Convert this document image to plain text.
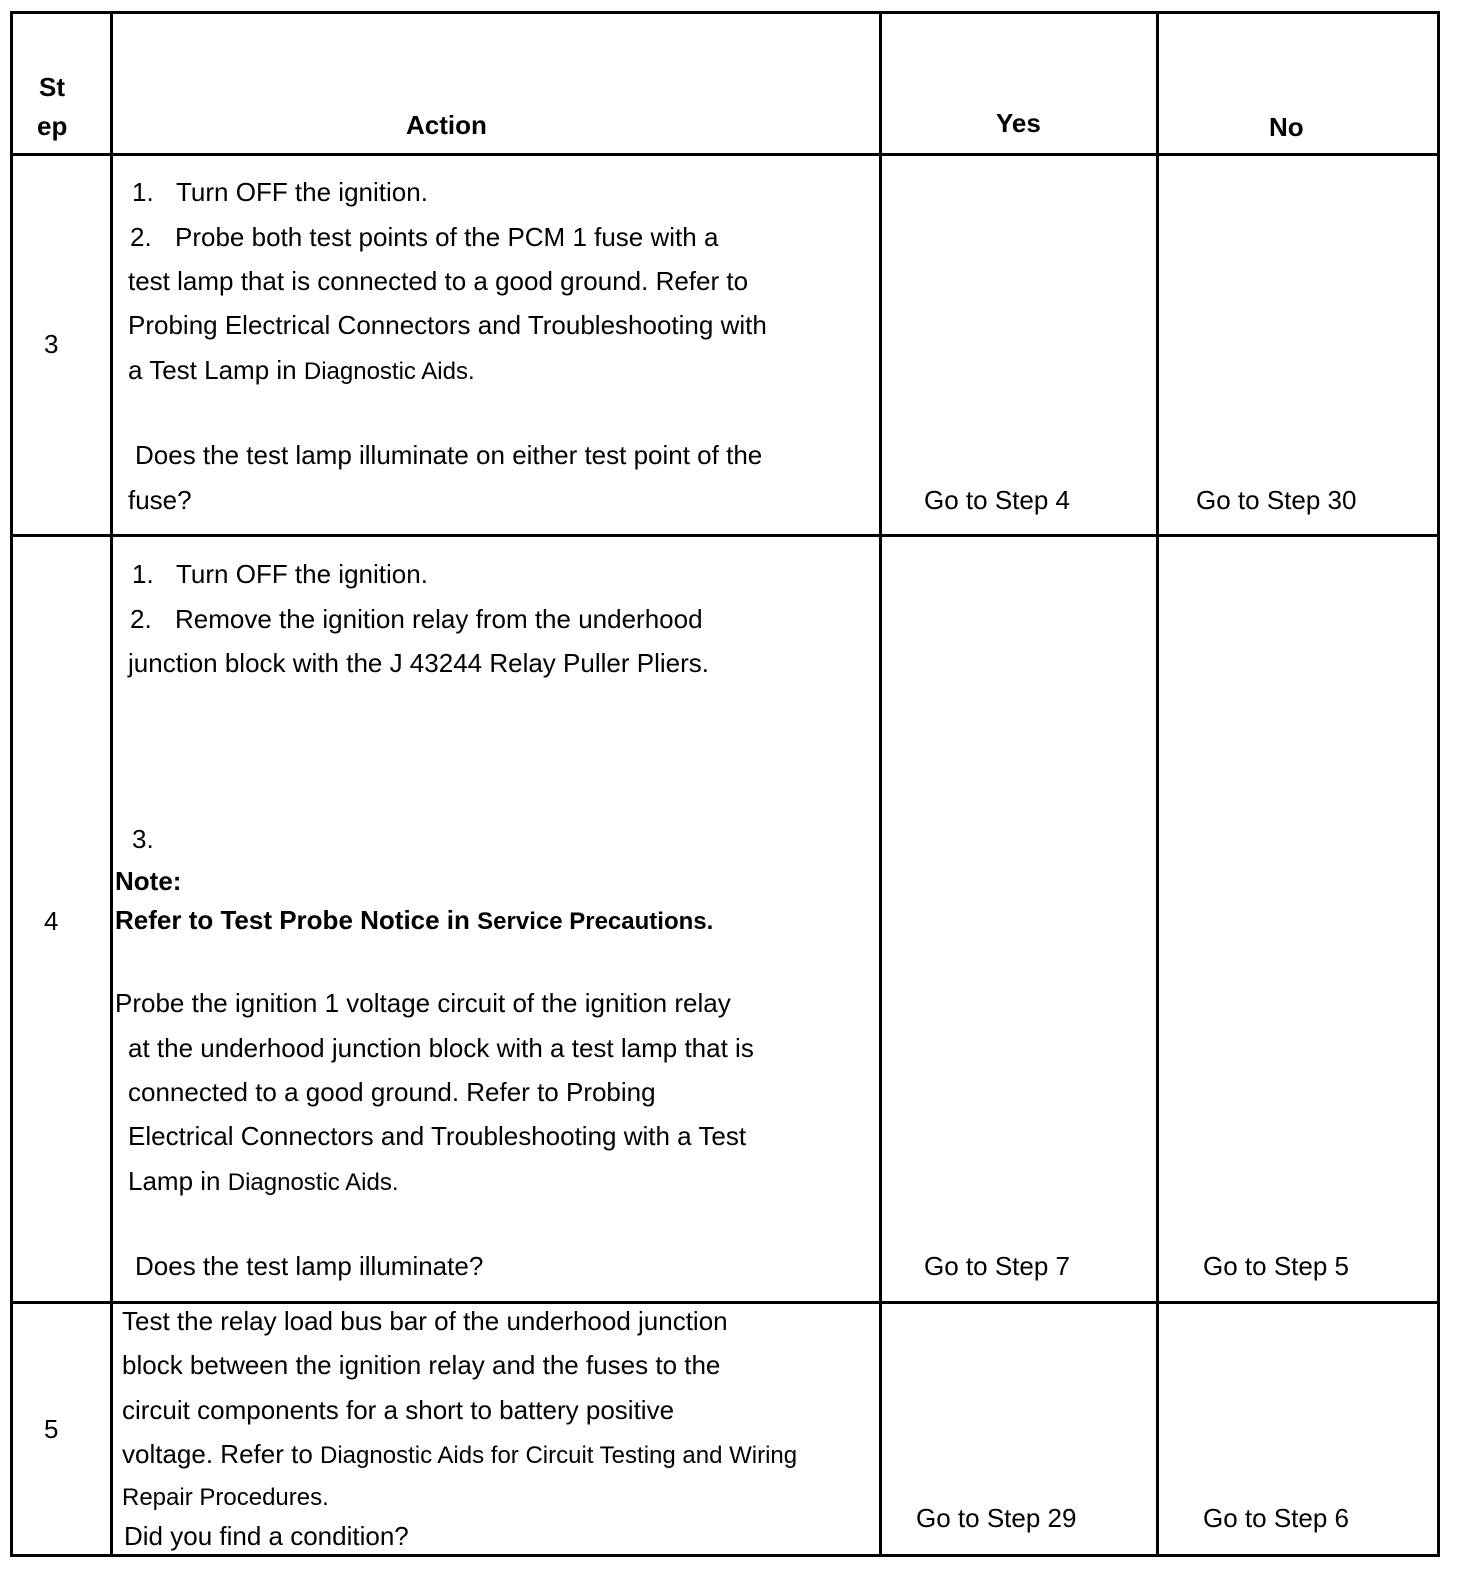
St
ep	Action	Yes	No
3
1. Turn OFF the ignition.
2. Probe both test points of the PCM 1 fuse with a
test lamp that is connected to a good ground. Refer to
Probing Electrical Connectors and Troubleshooting with
a Test Lamp in Diagnostic Aids.
Does the test lamp illuminate on either test point of the
fuse?	Go to Step 4	Go to Step 30
4
1. Turn OFF the ignition.
2. Remove the ignition relay from the underhood
junction block with the J 43244 Relay Puller Pliers.
3.
Note:
Refer to Test Probe Notice in Service Precautions.
Probe the ignition 1 voltage circuit of the ignition relay
at the underhood junction block with a test lamp that is
connected to a good ground. Refer to Probing
Electrical Connectors and Troubleshooting with a Test
Lamp in Diagnostic Aids.
Does the test lamp illuminate?	Go to Step 7	Go to Step 5
5
Test the relay load bus bar of the underhood junction
block between the ignition relay and the fuses to the
circuit components for a short to battery positive
voltage. Refer to Diagnostic Aids for Circuit Testing and Wiring
Repair Procedures.
Did you find a condition?
Go to Step 29	Go to Step 6
